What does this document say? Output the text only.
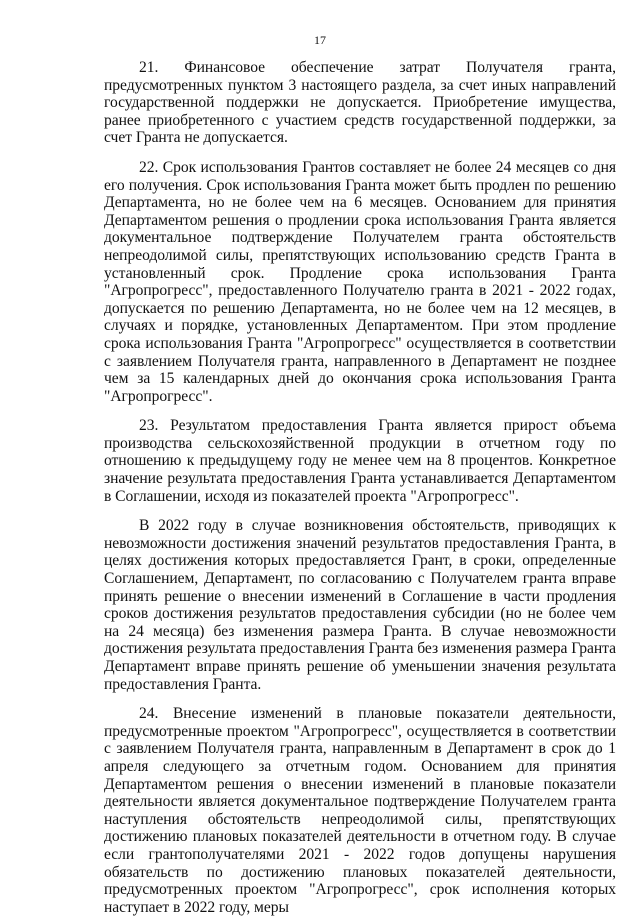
17

21. Финансовое обеспечение затрат Получателя гранта, предусмотренных пунктом 3 настоящего раздела, за счет иных направлений государственной поддержки не допускается. Приобретение имущества, ранее приобретенного с участием средств государственной поддержки, за счет Гранта не допускается.

22. Срок использования Грантов составляет не более 24 месяцев со дня его получения. Срок использования Гранта может быть продлен по решению Департамента, но не более чем на 6 месяцев. Основанием для принятия Департаментом решения о продлении срока использования Гранта является документальное подтверждение Получателем гранта обстоятельств непреодолимой силы, препятствующих использованию средств Гранта в установленный срок. Продление срока использования Гранта "Агропрогресс", предоставленного Получателю гранта в 2021 - 2022 годах, допускается по решению Департамента, но не более чем на 12 месяцев, в случаях и порядке, установленных Департаментом. При этом продление срока использования Гранта "Агропрогресс" осуществляется в соответствии с заявлением Получателя гранта, направленного в Департамент не позднее чем за 15 календарных дней до окончания срока использования Гранта "Агропрогресс".

23. Результатом предоставления Гранта является прирост объема производства сельскохозяйственной продукции в отчетном году по отношению к предыдущему году не менее чем на 8 процентов. Конкретное значение результата предоставления Гранта устанавливается Департаментом в Соглашении, исходя из показателей проекта "Агропрогресс".

В 2022 году в случае возникновения обстоятельств, приводящих к невозможности достижения значений результатов предоставления Гранта, в целях достижения которых предоставляется Грант, в сроки, определенные Соглашением, Департамент, по согласованию с Получателем гранта вправе принять решение о внесении изменений в Соглашение в части продления сроков достижения результатов предоставления субсидии (но не более чем на 24 месяца) без изменения размера Гранта. В случае невозможности достижения результата предоставления Гранта без изменения размера Гранта Департамент вправе принять решение об уменьшении значения результата предоставления Гранта.

24. Внесение изменений в плановые показатели деятельности, предусмотренные проектом "Агропрогресс", осуществляется в соответствии с заявлением Получателя гранта, направленным в Департамент в срок до 1 апреля следующего за отчетным годом. Основанием для принятия Департаментом решения о внесении изменений в плановые показатели деятельности является документальное подтверждение Получателем гранта наступления обстоятельств непреодолимой силы, препятствующих достижению плановых показателей деятельности в отчетном году. В случае если грантополучателями 2021 - 2022 годов допущены нарушения обязательств по достижению плановых показателей деятельности, предусмотренных проектом "Агропрогресс", срок исполнения которых наступает в 2022 году, меры
